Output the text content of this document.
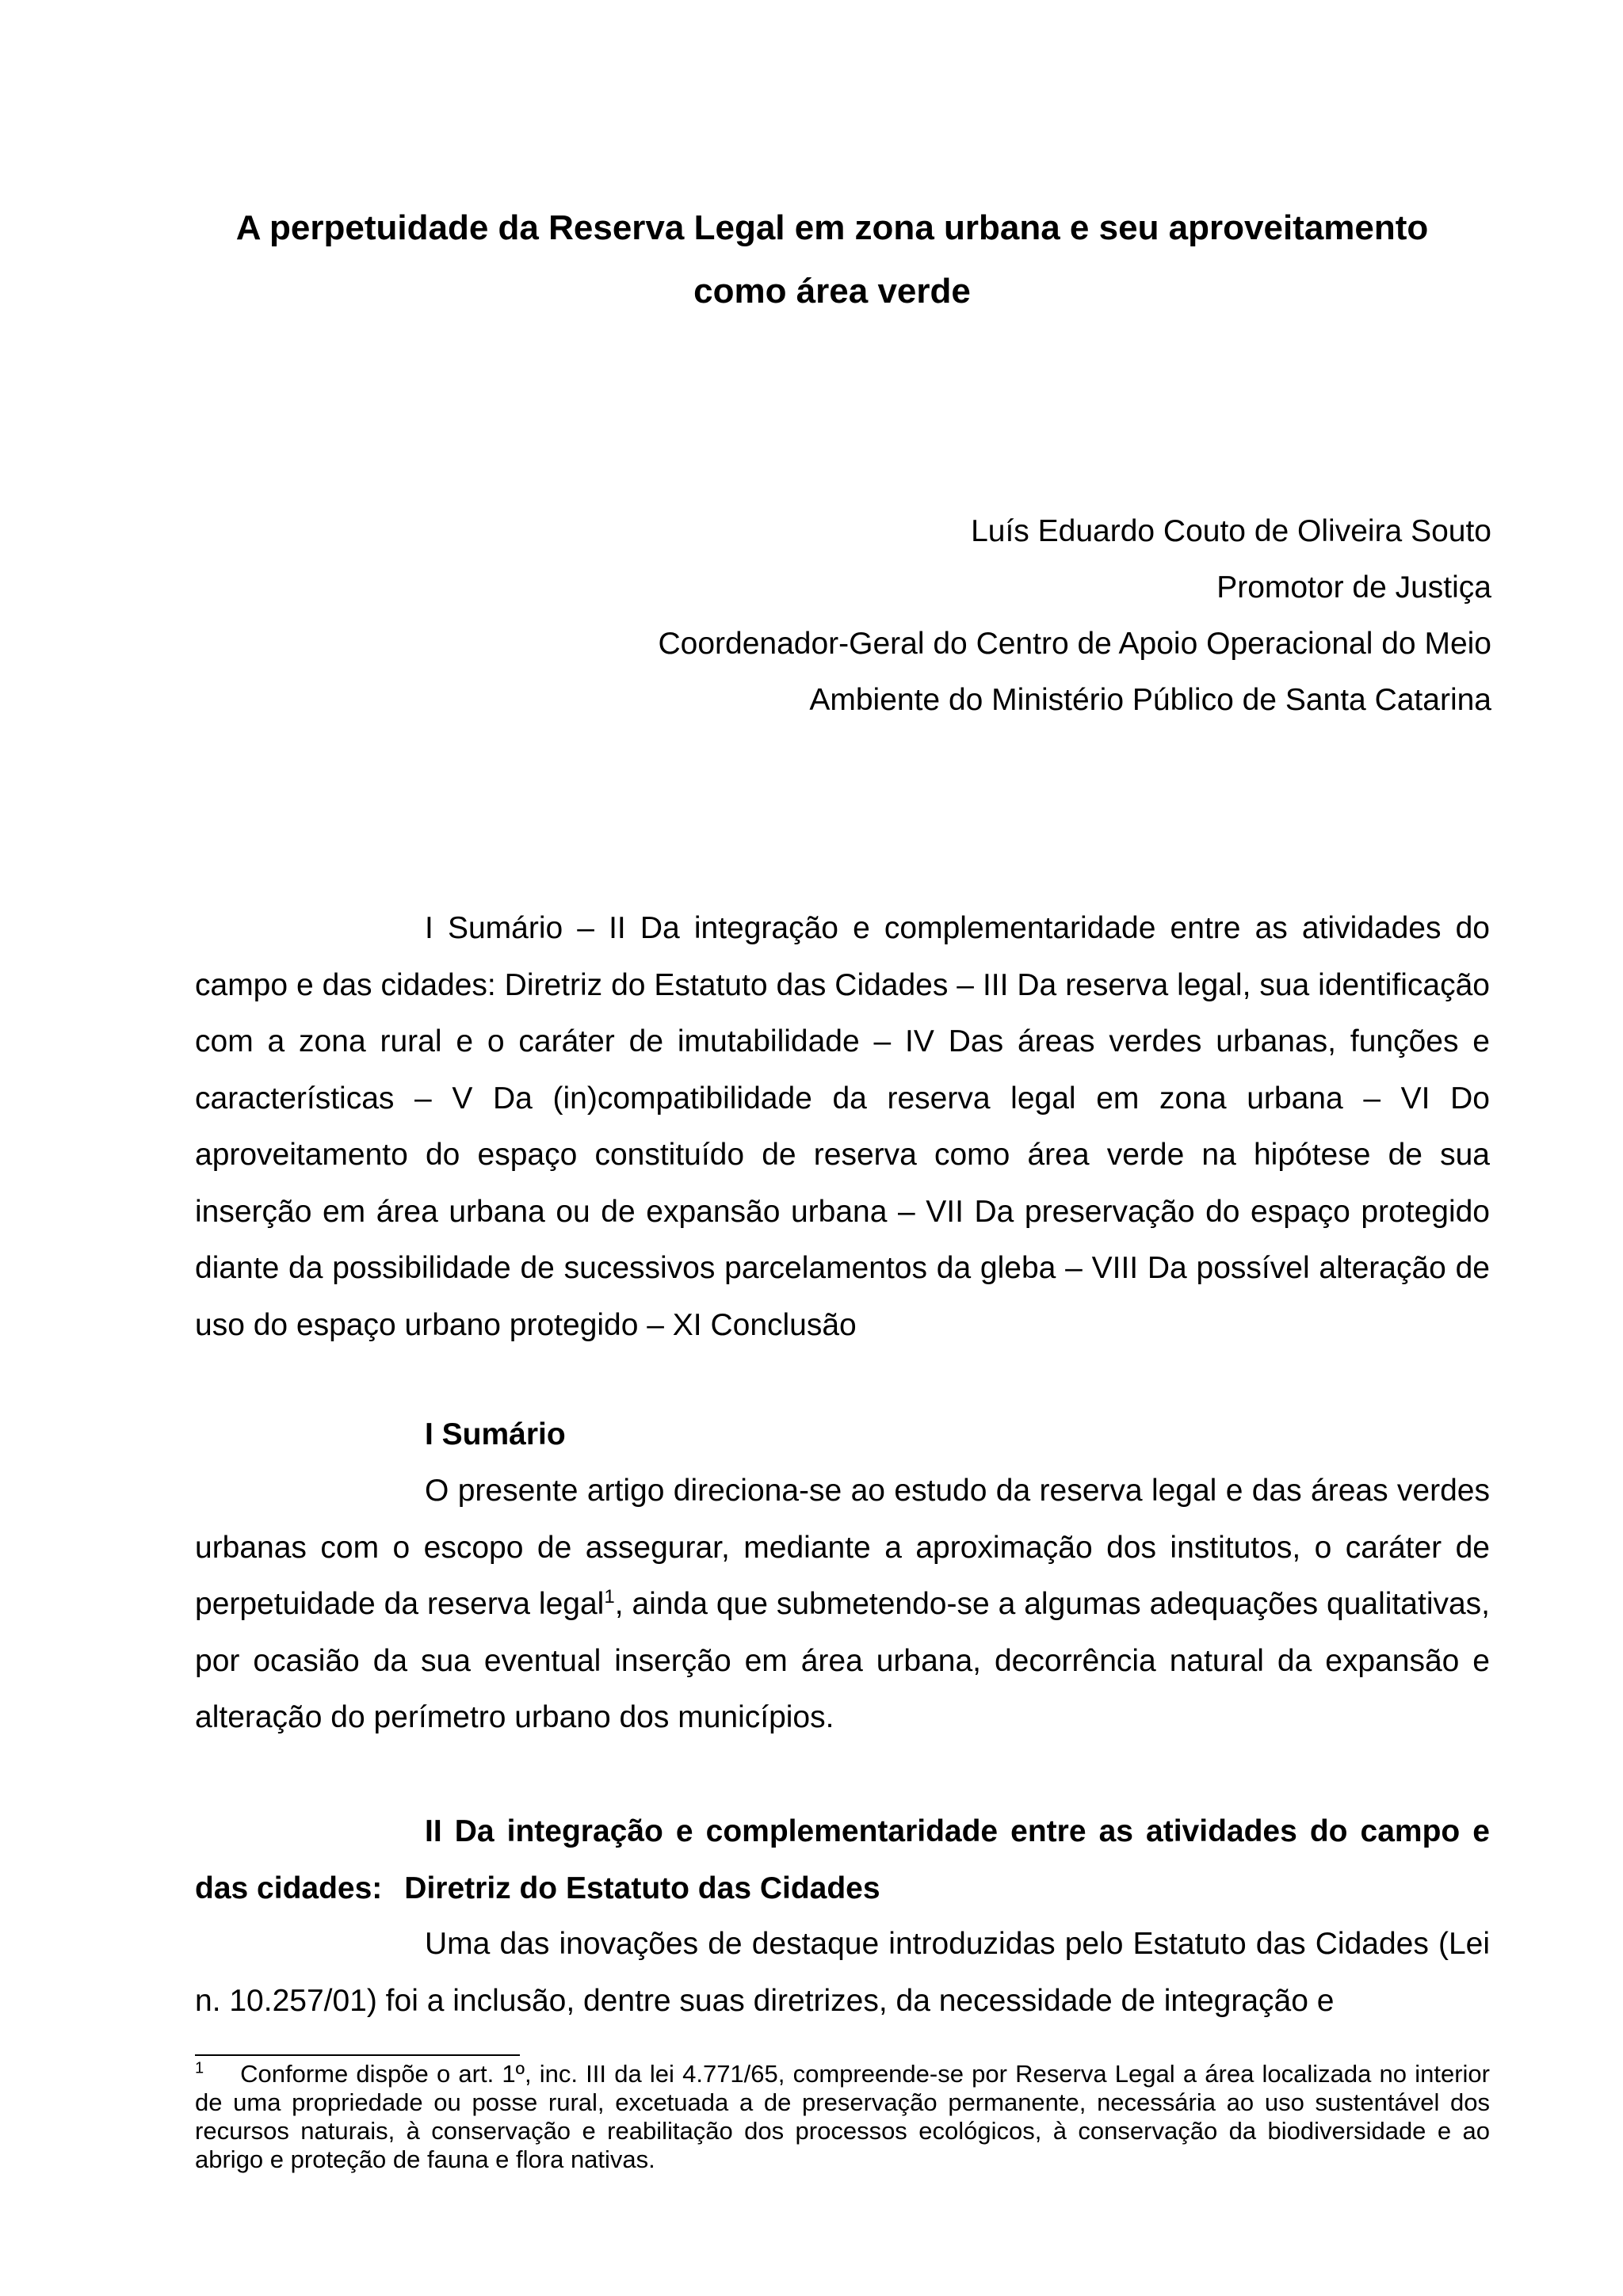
A perpetuidade da Reserva Legal em zona urbana e seu aproveitamento
como área verde
Luís Eduardo Couto de Oliveira Souto
Promotor de Justiça
Coordenador-Geral do Centro de Apoio Operacional do Meio
Ambiente do Ministério Público de Santa Catarina

I Sumário – II Da integração e complementaridade entre as atividades do campo e das cidades: Diretriz do Estatuto das Cidades – III Da reserva legal, sua identificação com a zona rural e o caráter de imutabilidade – IV Das áreas verdes urbanas, funções e características – V Da (in)compatibilidade da reserva legal em zona urbana – VI Do aproveitamento do espaço constituído de reserva como área verde na hipótese de sua inserção em área urbana ou de expansão urbana – VII Da preservação do espaço protegido diante da possibilidade de sucessivos parcelamentos da gleba – VIII Da possível alteração de uso do espaço urbano protegido – XI Conclusão

I Sumário

O presente artigo direciona-se ao estudo da reserva legal e das áreas verdes urbanas com o escopo de assegurar, mediante a aproximação dos institutos, o caráter de perpetuidade da reserva legal$^1$, ainda que submetendo-se a algumas adequações qualitativas, por ocasião da sua eventual inserção em área urbana, decorrência natural da expansão e alteração do perímetro urbano dos municípios.

II Da integração e complementaridade entre as atividades do campo e das cidades: Diretriz do Estatuto das Cidades

Uma das inovações de destaque introduzidas pelo Estatuto das Cidades (Lei n. 10.257/01) foi a inclusão, dentre suas diretrizes, da necessidade de integração e

$^1$ Conforme dispõe o art. 1º, inc. III da lei 4.771/65, compreende-se por Reserva Legal a área localizada no interior de uma propriedade ou posse rural, excetuada a de preservação permanente, necessária ao uso sustentável dos recursos naturais, à conservação e reabilitação dos processos ecológicos, à conservação da biodiversidade e ao abrigo e proteção de fauna e flora nativas.
